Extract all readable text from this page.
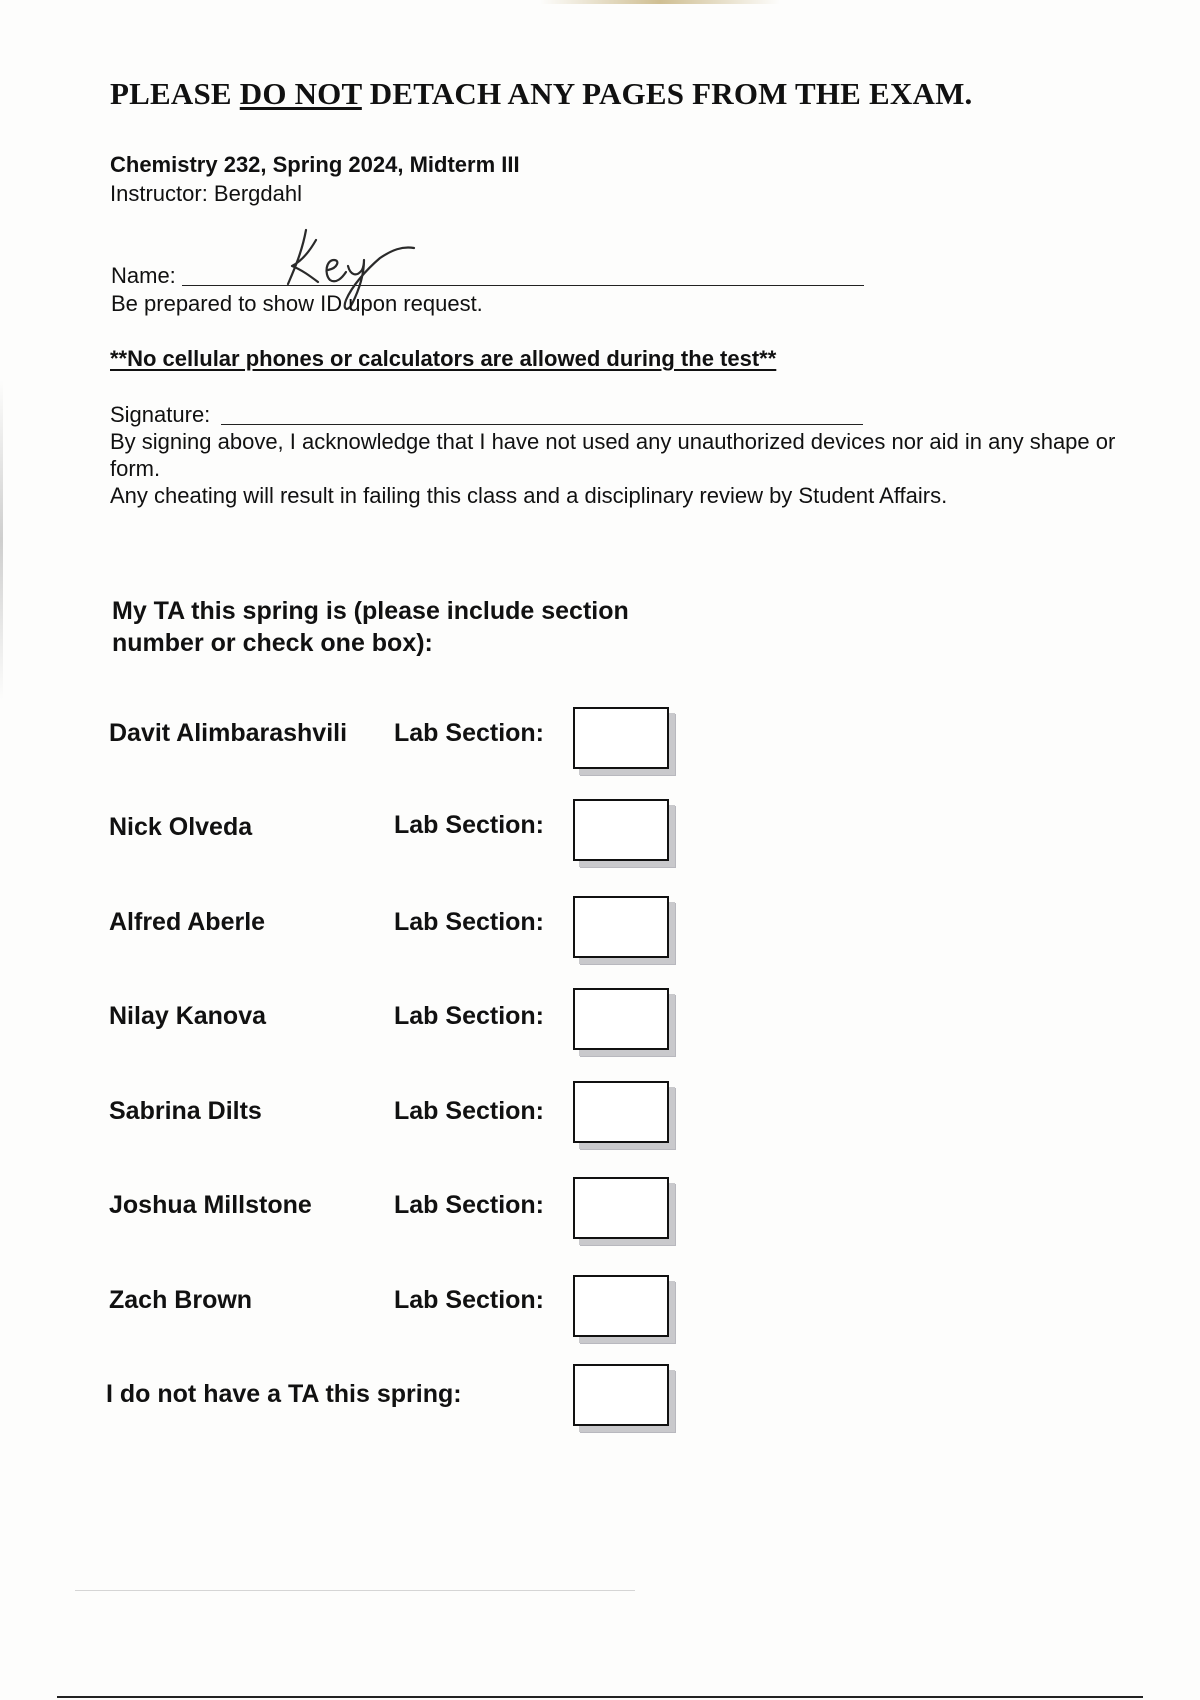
PLEASE DO NOT DETACH ANY PAGES FROM THE EXAM.
Chemistry 232, Spring 2024, Midterm III
Instructor: Bergdahl
Name:
Be prepared to show ID upon request.
**No cellular phones or calculators are allowed during the test**
Signature:
By signing above, I acknowledge that I have not used any unauthorized devices nor aid in any shape or form.
Any cheating will result in failing this class and a disciplinary review by Student Affairs.
My TA this spring is (please include section
number or check one box):
Davit Alimbarashvili Lab Section:
Nick Olveda	Lab Section:
Alfred Aberle	Lab Section:
Nilay Kanova	Lab Section:
Sabrina Dilts	Lab Section:
Joshua Millstone	Lab Section:
Zach Brown	Lab Section:
I do not have a TA this spring:
